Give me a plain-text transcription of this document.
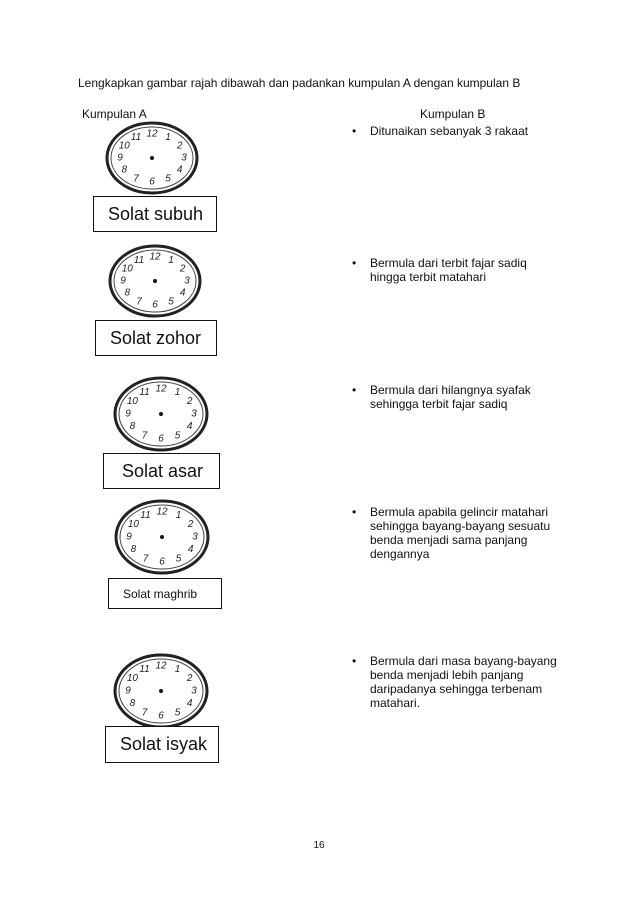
Lengkapkan gambar rajah dibawah dan padankan kumpulan A dengan kumpulan B
Kumpulan A	Kumpulan B
12 1
2
3
4
5
6
7
8
9
10
11
12 1
2
3
4
5
6
7
8
9
10
11
12 1
2
3
4
5
6
7
8
9
10
11
12 1
2
3
4
5
6
7
8
9
10
11
12 1
2
3
4
5
6
7
8
9
10
11
Solat subuh
Solat zohor
Solat asar
Solat maghrib
Solat isyak
• Ditunaikan sebanyak 3 rakaat
• Bermula dari terbit fajar sadiq hingga terbit matahari
• Bermula dari hilangnya syafak sehingga terbit fajar sadiq
• Bermula apabila gelincir matahari sehingga bayang-bayang sesuatu benda menjadi sama panjang dengannya
• Bermula dari masa bayang-bayang benda menjadi lebih panjang daripadanya sehingga terbenam matahari.
16
